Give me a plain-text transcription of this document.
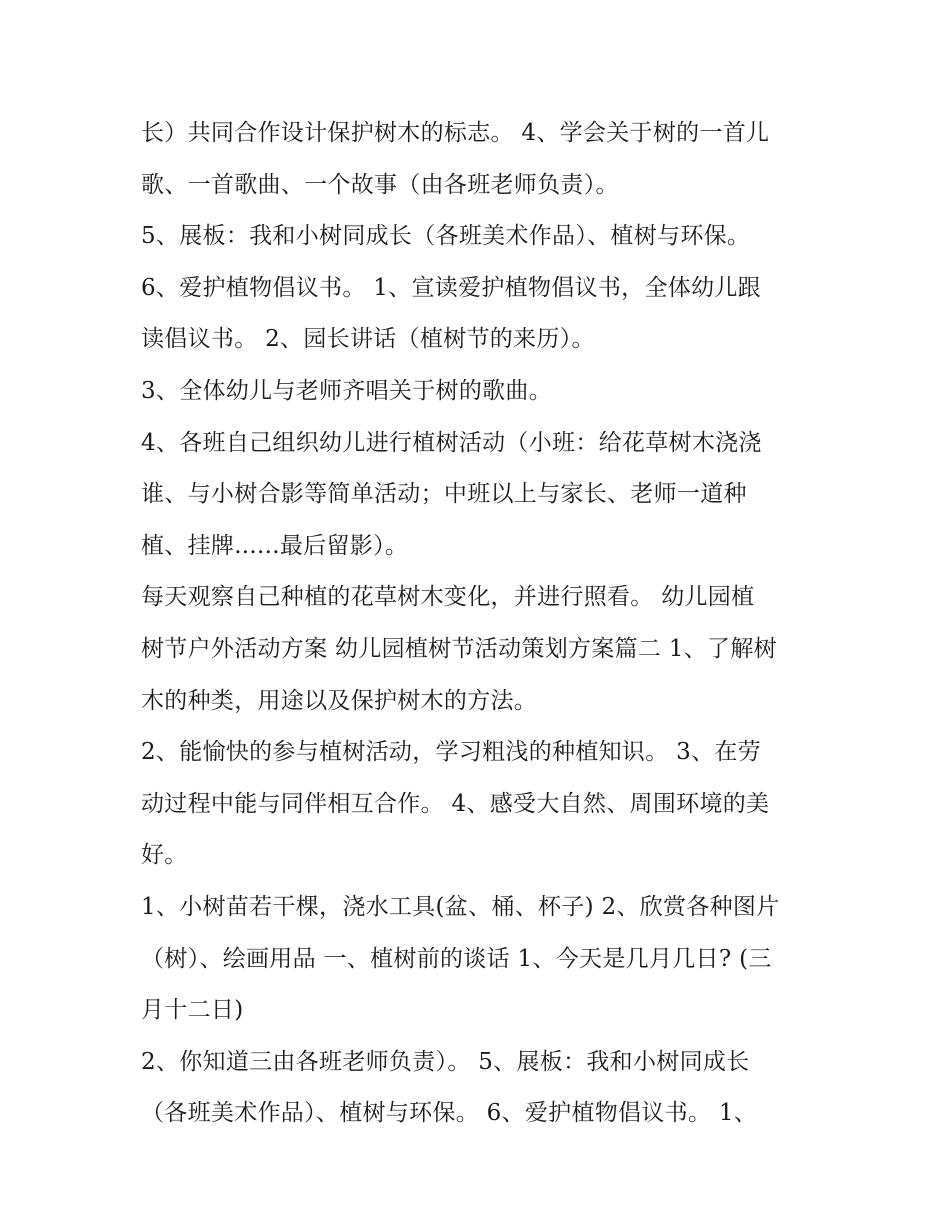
长）共同合作设计保护树木的标志。 4、学会关于树的一首儿
歌、一首歌曲、一个故事（由各班老师负责）。
5、展板：我和小树同成长（各班美术作品）、植树与环保。
6、爱护植物倡议书。 1、宣读爱护植物倡议书，全体幼儿跟
读倡议书。 2、园长讲话（植树节的来历）。
3、全体幼儿与老师齐唱关于树的歌曲。
4、各班自己组织幼儿进行植树活动（小班：给花草树木浇浇
谁、与小树合影等简单活动；中班以上与家长、老师一道种
植、挂牌......最后留影）。
每天观察自己种植的花草树木变化，并进行照看。 幼儿园植
树节户外活动方案 幼儿园植树节活动策划方案篇二 1、了解树
木的种类，用途以及保护树木的方法。
2、能愉快的参与植树活动，学习粗浅的种植知识。 3、在劳
动过程中能与同伴相互合作。 4、感受大自然、周围环境的美
好。
1、小树苗若干棵，浇水工具(盆、桶、杯子) 2、欣赏各种图片
（树）、绘画用品 一、植树前的谈话 1、今天是几月几日? (三
月十二日)
2、你知道三由各班老师负责）。 5、展板：我和小树同成长
（各班美术作品）、植树与环保。 6、爱护植物倡议书。 1、
